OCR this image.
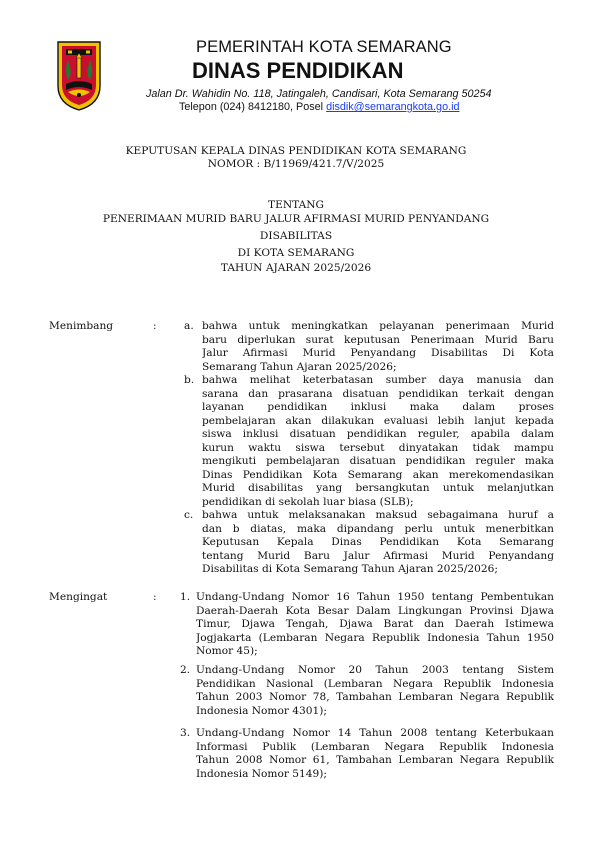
PEMERINTAH KOTA SEMARANG
DINAS PENDIDIKAN
Jalan Dr. Wahidin No. 118, Jatingaleh, Candisari, Kota Semarang 50254
Telepon (024) 8412180, Posel disdik@semarangkota.go.id
KEPUTUSAN KEPALA DINAS PENDIDIKAN KOTA SEMARANG
NOMOR : B/11969/421.7/V/2025
TENTANG
PENERIMAAN MURID BARU JALUR AFIRMASI MURID PENYANDANG
DISABILITAS
DI KOTA SEMARANG
TAHUN AJARAN 2025/2026
Menimbang	:	a. bahwa untuk meningkatkan pelayanan penerimaan Murid
baru diperlukan surat keputusan Penerimaan Murid Baru
Jalur Afirmasi Murid Penyandang Disabilitas Di Kota
Semarang Tahun Ajaran 2025/2026;
b. bahwa melihat keterbatasan sumber daya manusia dan
sarana dan prasarana disatuan pendidikan terkait dengan
layanan pendidikan inklusi maka dalam proses
pembelajaran akan dilakukan evaluasi lebih lanjut kepada
siswa inklusi disatuan pendidikan reguler, apabila dalam
kurun waktu siswa tersebut dinyatakan tidak mampu
mengikuti pembelajaran disatuan pendidikan reguler maka
Dinas Pendidikan Kota Semarang akan merekomendasikan
Murid disabilitas yang bersangkutan untuk melanjutkan
pendidikan di sekolah luar biasa (SLB);
c. bahwa untuk melaksanakan maksud sebagaimana huruf a
dan b diatas, maka dipandang perlu untuk menerbitkan
Keputusan Kepala Dinas Pendidikan Kota Semarang
tentang Murid Baru Jalur Afirmasi Murid Penyandang
Disabilitas di Kota Semarang Tahun Ajaran 2025/2026;
Mengingat	: 1. Undang-Undang Nomor 16 Tahun 1950 tentang Pembentukan
Daerah-Daerah Kota Besar Dalam Lingkungan Provinsi Djawa
Timur, Djawa Tengah, Djawa Barat dan Daerah Istimewa
Jogjakarta (Lembaran Negara Republik Indonesia Tahun 1950
Nomor 45);
2. Undang-Undang Nomor 20 Tahun 2003 tentang Sistem
Pendidikan Nasional (Lembaran Negara Republik Indonesia
Tahun 2003 Nomor 78, Tambahan Lembaran Negara Republik
Indonesia Nomor 4301);
3. Undang-Undang Nomor 14 Tahun 2008 tentang Keterbukaan
Informasi Publik (Lembaran Negara Republik Indonesia
Tahun 2008 Nomor 61, Tambahan Lembaran Negara Republik
Indonesia Nomor 5149);
